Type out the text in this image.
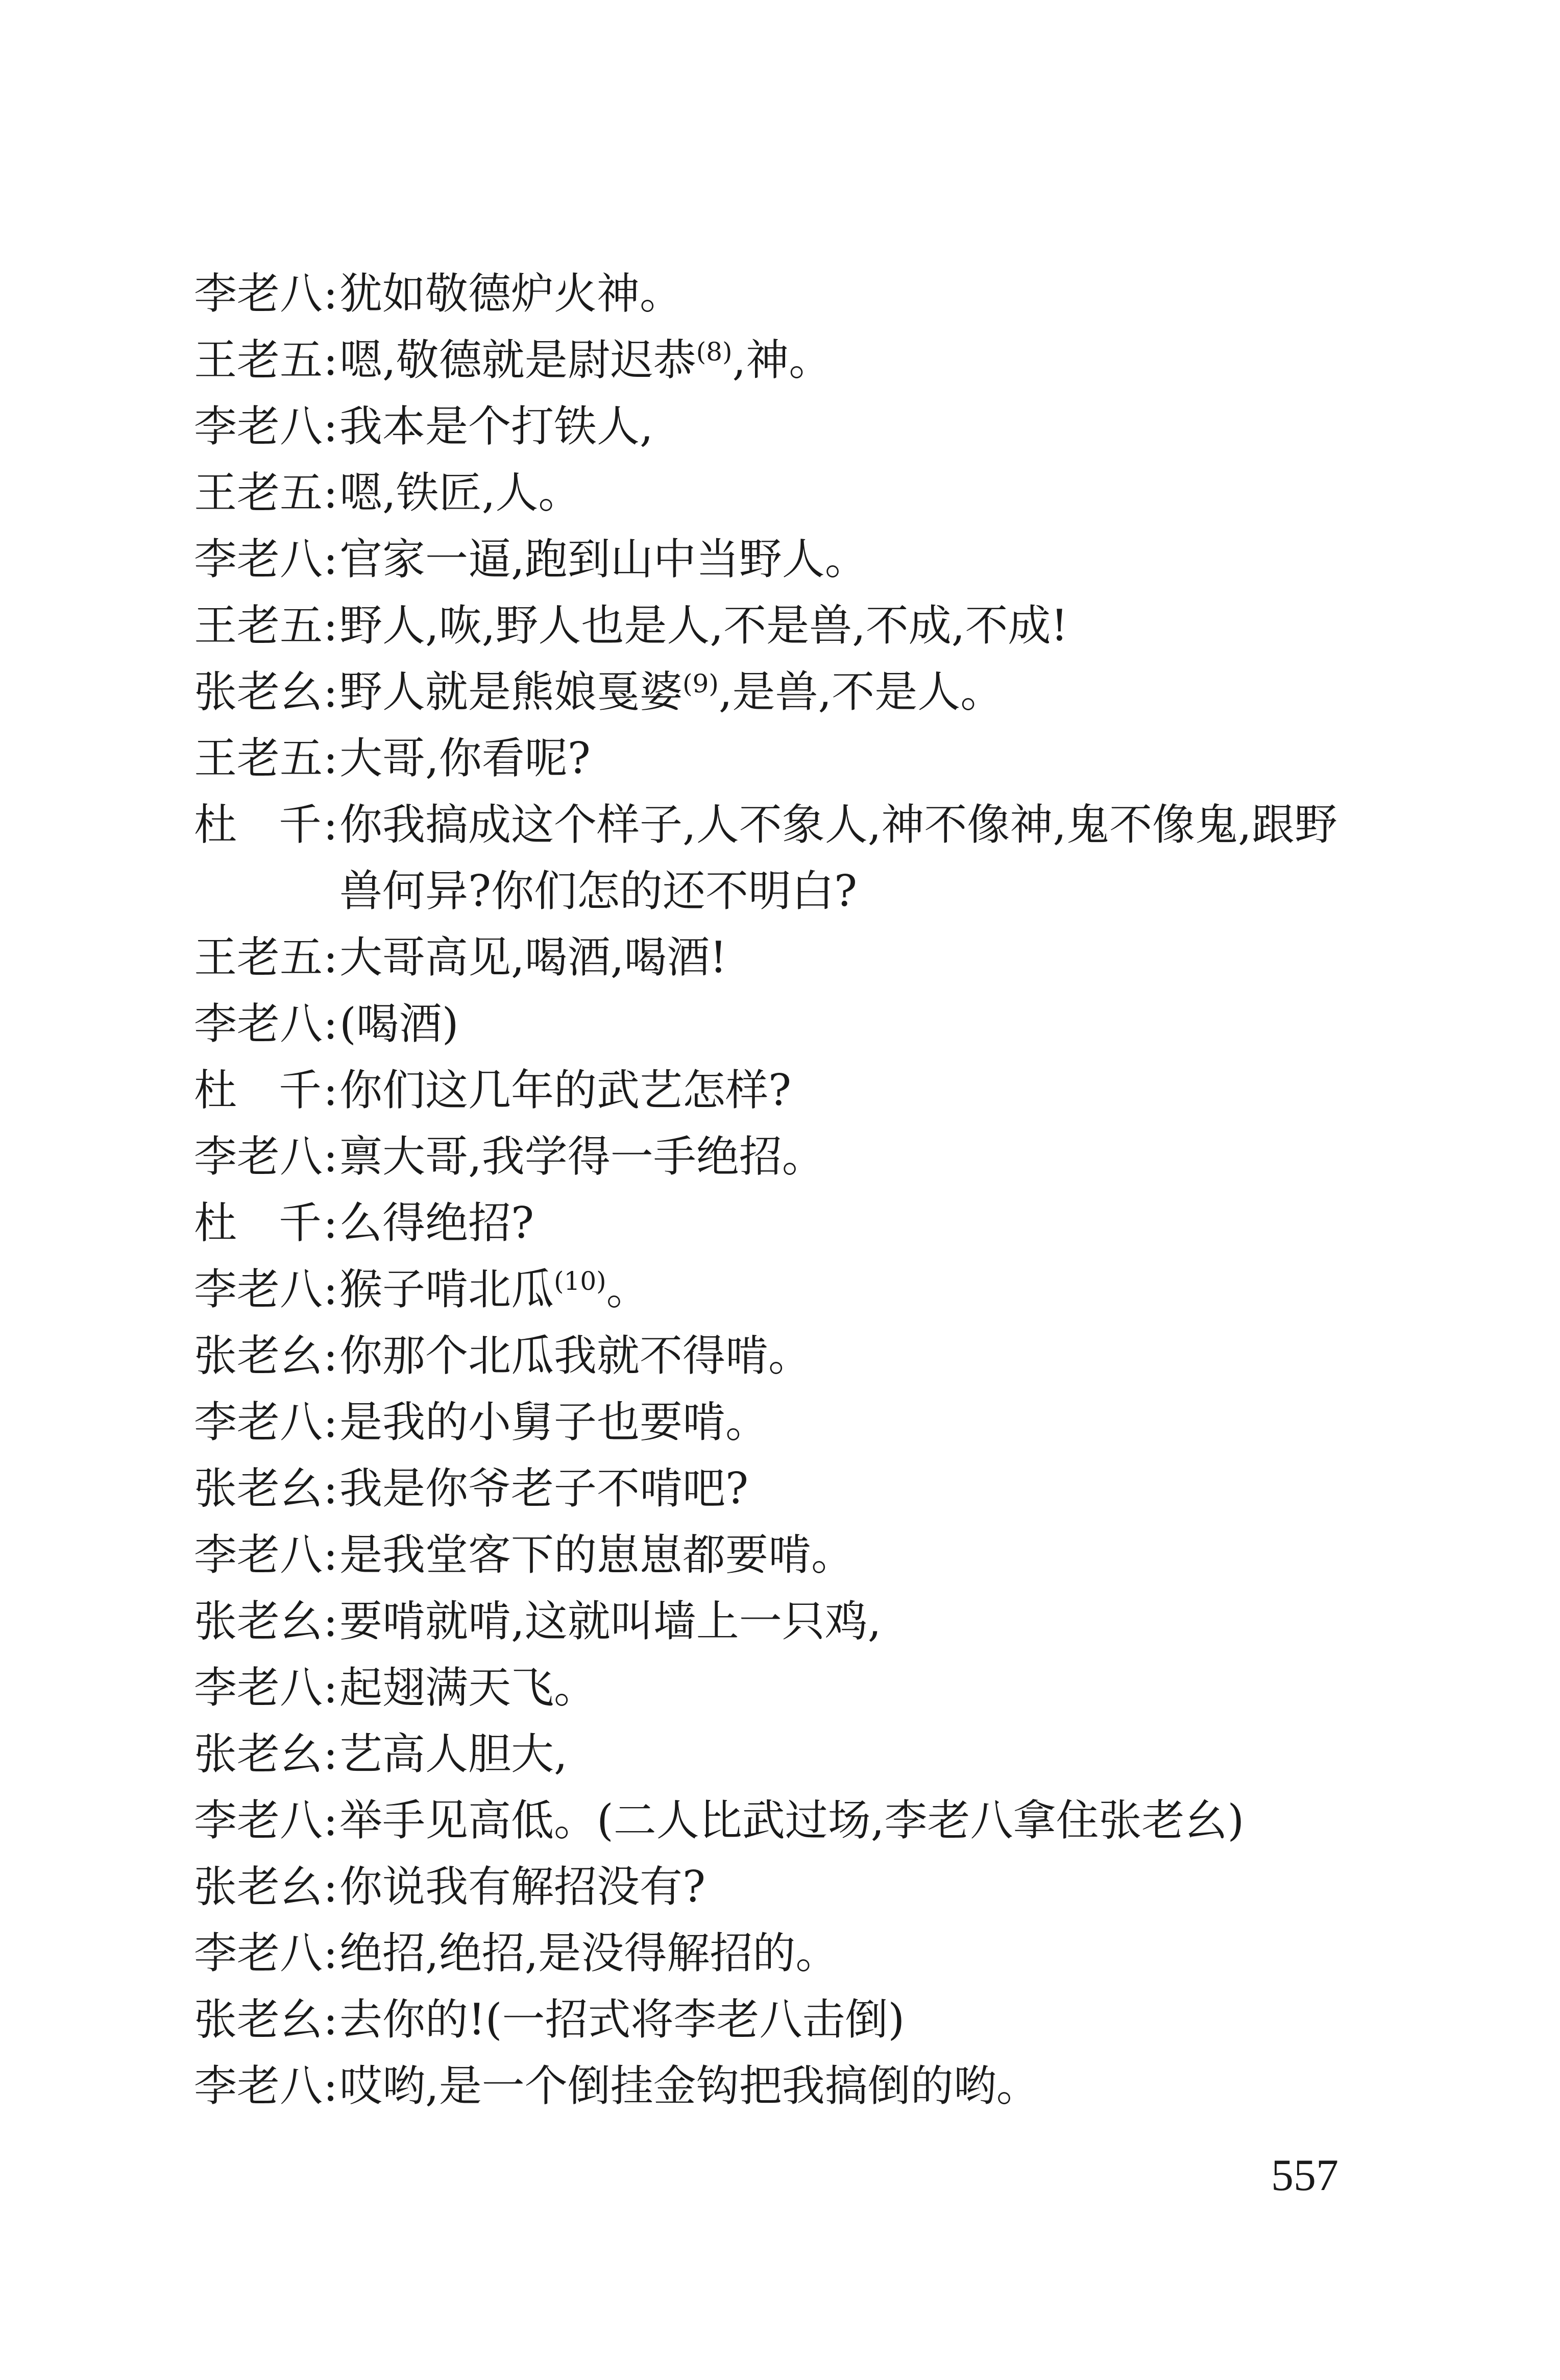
李老八 : 犹如敬德炉火神。
王老五 : 嗯,敬德就是尉迟恭$^{(8)}$,神。
李老八 : 我本是个打铁人,
王老五 : 嗯,铁匠,人。
李老八 : 官家一逼,跑到山中当野人。
王老五 : 野人,咴,野人也是人,不是兽,不成,不成!
张老幺 : 野人就是熊娘戛婆$^{(9)}$,是兽,不是人。
王老五 : 大哥,你看呢?
杜千 : 你我搞成这个样子,人不象人,神不像神,鬼不像鬼,跟野
兽何异?你们怎的还不明白?
王老五 : 大哥高见,喝酒,喝酒!
李老八 : (喝酒)
杜千 : 你们这几年的武艺怎样?
李老八 : 禀大哥,我学得一手绝招。
杜千 : 么得绝招?
李老八 : 猴子啃北瓜$^{(10)}$。
张老幺 : 你那个北瓜我就不得啃。
李老八 : 是我的小舅子也要啃。
张老幺 : 我是你爷老子不啃吧?
李老八 : 是我堂客下的崽崽都要啃。
张老幺 : 要啃就啃,这就叫墙上一只鸡,
李老八 : 起翅满天飞。
张老幺 : 艺高人胆大,
李老八 : 举手见高低。(二人比武过场,李老八拿住张老幺)
张老幺 : 你说我有解招没有?
李老八 : 绝招,绝招,是没得解招的。
张老幺 : 去你的!(一招式将李老八击倒)
李老八 : 哎哟,是一个倒挂金钩把我搞倒的哟。
557
